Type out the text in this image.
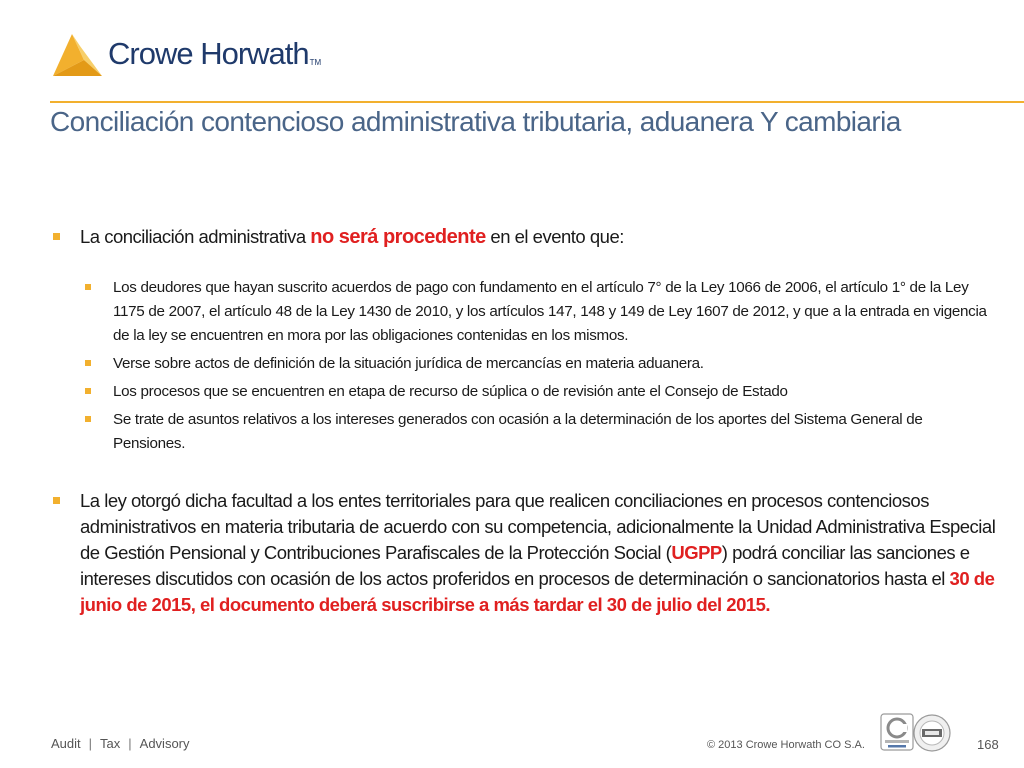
Crowe HorwathTM
Conciliación contencioso administrativa tributaria, aduanera Y cambiaria
La conciliación administrativa no será procedente en el evento que:
Los deudores que hayan suscrito acuerdos de pago con fundamento en el artículo 7° de la Ley 1066 de 2006, el artículo 1° de la Ley 1175 de 2007, el artículo 48 de la Ley 1430 de 2010, y los artículos 147, 148 y 149 de Ley 1607 de 2012, y que a la entrada en vigencia de la ley se encuentren en mora por las obligaciones contenidas en los mismos.
Verse sobre actos de definición de la situación jurídica de mercancías en materia aduanera.
Los procesos que se encuentren en etapa de recurso de súplica o de revisión ante el Consejo de Estado
Se trate de asuntos relativos a los intereses generados con ocasión a la determinación de los aportes del Sistema General de Pensiones.
La ley otorgó dicha facultad a los entes territoriales para que realicen conciliaciones en procesos contenciosos administrativos en materia tributaria de acuerdo con su competencia, adicionalmente la Unidad Administrativa Especial de Gestión Pensional y Contribuciones Parafiscales de la Protección Social (UGPP) podrá conciliar las sanciones e intereses discutidos con ocasión de los actos proferidos en procesos de determinación o sancionatorios hasta el 30 de junio de 2015, el documento deberá suscribirse a más tardar el 30 de julio del 2015.
Audit | Tax | Advisory	© 2013 Crowe Horwath CO S.A.	168
